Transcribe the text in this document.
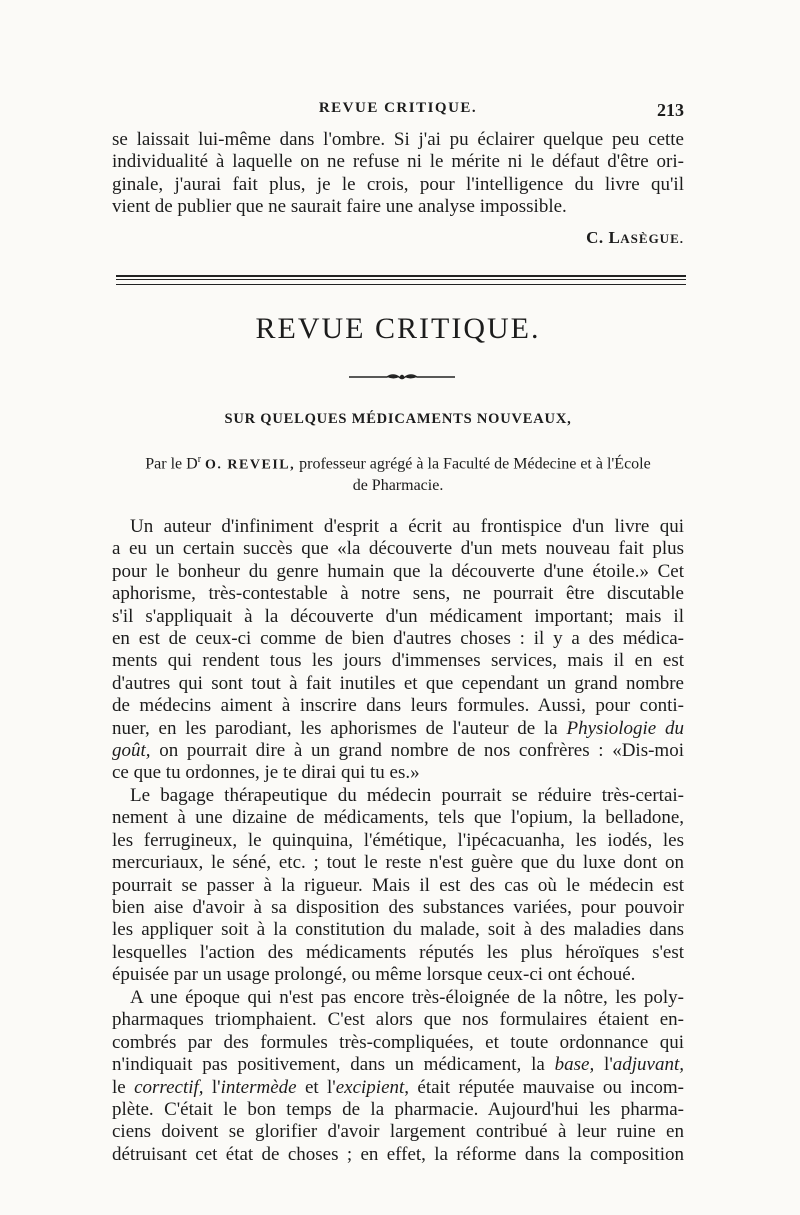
REVUE CRITIQUE.	213
se laissait lui-même dans l'ombre. Si j'ai pu éclairer quelque peu cette
individualité à laquelle on ne refuse ni le mérite ni le défaut d'être ori-
ginale, j'aurai fait plus, je le crois, pour l'intelligence du livre qu'il
vient de publier que ne saurait faire une analyse impossible.
C. LASÈGUE.
REVUE CRITIQUE.
SUR QUELQUES MÉDICAMENTS NOUVEAUX,
Par le $D^r$ O. REVEIL, professeur agrégé à la Faculté de Médecine et à l'École
de Pharmacie.
Un auteur d'infiniment d'esprit a écrit au frontispice d'un livre qui
a eu un certain succès que «la découverte d'un mets nouveau fait plus
pour le bonheur du genre humain que la découverte d'une étoile.» Cet
aphorisme, très-contestable à notre sens, ne pourrait être discutable
s'il s'appliquait à la découverte d'un médicament important; mais il
en est de ceux-ci comme de bien d'autres choses : il y a des médica-
ments qui rendent tous les jours d'immenses services, mais il en est
d'autres qui sont tout à fait inutiles et que cependant un grand nombre
de médecins aiment à inscrire dans leurs formules. Aussi, pour conti-
nuer, en les parodiant, les aphorismes de l'auteur de la Physiologie du
goût, on pourrait dire à un grand nombre de nos confrères : «Dis-moi
ce que tu ordonnes, je te dirai qui tu es.»
Le bagage thérapeutique du médecin pourrait se réduire très-certai-
nement à une dizaine de médicaments, tels que l'opium, la belladone,
les ferrugineux, le quinquina, l'émétique, l'ipécacuanha, les iodés, les
mercuriaux, le séné, etc. ; tout le reste n'est guère que du luxe dont on
pourrait se passer à la rigueur. Mais il est des cas où le médecin est
bien aise d'avoir à sa disposition des substances variées, pour pouvoir
les appliquer soit à la constitution du malade, soit à des maladies dans
lesquelles l'action des médicaments réputés les plus héroïques s'est
épuisée par un usage prolongé, ou même lorsque ceux-ci ont échoué.
A une époque qui n'est pas encore très-éloignée de la nôtre, les poly-
pharmaques triomphaient. C'est alors que nos formulaires étaient en-
combrés par des formules très-compliquées, et toute ordonnance qui
n'indiquait pas positivement, dans un médicament, la base, l'adjuvant,
le correctif, l'intermède et l'excipient, était réputée mauvaise ou incom-
plète. C'était le bon temps de la pharmacie. Aujourd'hui les pharma-
ciens doivent se glorifier d'avoir largement contribué à leur ruine en
détruisant cet état de choses ; en effet, la réforme dans la composition
